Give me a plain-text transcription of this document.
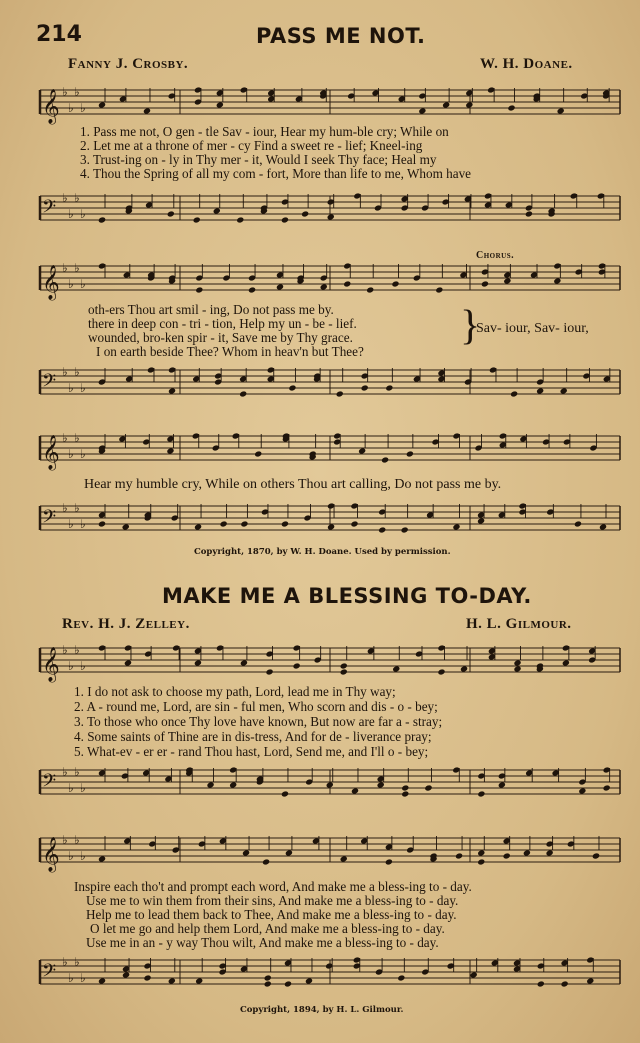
214	PASS ME NOT.
Fanny J. Crosby.	W. H. Doane.
𝄞 ♭
♭
♭
♭
1. Pass me not, O gen - tle Sav - iour, Hear my hum-ble cry; While on
2. Let me at a throne of mer - cy Find a sweet re - lief; Kneel-ing
3. Trust-ing on - ly in Thy mer - it, Would I seek Thy face; Heal my
4. Thou the Spring of all my com - fort, More than life to me, Whom have
𝄢 ♭
♭
♭
♭
Chorus.
𝄞 ♭
♭
♭
♭
oth-ers Thou art smil - ing, Do not pass me by.
there in deep con - tri - tion, Help my un - be - lief.
wounded, bro-ken spir - it, Save me by Thy grace.
I on earth beside Thee? Whom in heav'n but Thee?
}
Sav- iour, Sav- iour,
𝄢 ♭
♭
♭
♭
𝄞 ♭
♭
♭
♭
Hear my humble cry, While on others Thou art calling, Do not pass me by.
𝄢 ♭
♭
♭
♭
Copyright, 1870, by W. H. Doane. Used by permission.
MAKE ME A BLESSING TO-DAY.
Rev. H. J. Zelley.	H. L. Gilmour.
𝄞 ♭
♭
♭
♭
1. I do not ask to choose my path, Lord, lead me in Thy way;
2. A - round me, Lord, are sin - ful men, Who scorn and dis - o - bey;
3. To those who once Thy love have known, But now are far a - stray;
4. Some saints of Thine are in dis-tress, And for de - liverance pray;
5. What-ev - er er - rand Thou hast, Lord, Send me, and I'll o - bey;
𝄢 ♭
♭
♭
♭
𝄞 ♭
♭
♭
♭
Inspire each tho't and prompt each word, And make me a bless-ing to - day.
Use me to win them from their sins, And make me a bless-ing to - day.
Help me to lead them back to Thee, And make me a bless-ing to - day.
O let me go and help them Lord, And make me a bless-ing to - day.
Use me in an - y way Thou wilt, And make me a bless-ing to - day.
𝄢 ♭
♭
♭
♭
Copyright, 1894, by H. L. Gilmour.
